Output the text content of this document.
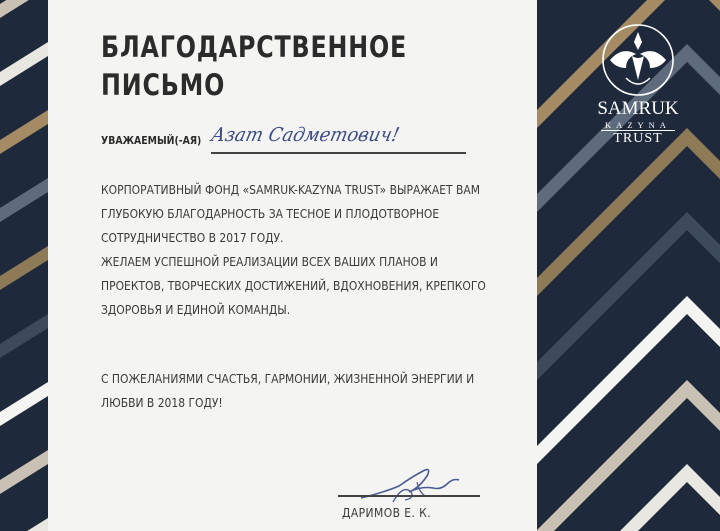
SAMRUK
KAZYNA
TRUST
БЛАГОДАРСТВЕННОЕ
ПИСЬМО
УВАЖАЕМЫЙ(-АЯ) Азат Садметович!
КОРПОРАТИВНЫЙ ФОНД «SAMRUK-KAZYNA TRUST» ВЫРАЖАЕТ ВАМ
ГЛУБОКУЮ БЛАГОДАРНОСТЬ ЗА ТЕСНОЕ И ПЛОДОТВОРНОЕ
СОТРУДНИЧЕСТВО В 2017 ГОДУ.
ЖЕЛАЕМ УСПЕШНОЙ РЕАЛИЗАЦИИ ВСЕХ ВАШИХ ПЛАНОВ И
ПРОЕКТОВ, ТВОРЧЕСКИХ ДОСТИЖЕНИЙ, ВДОХНОВЕНИЯ, КРЕПКОГО
ЗДОРОВЬЯ И ЕДИНОЙ КОМАНДЫ.
С ПОЖЕЛАНИЯМИ СЧАСТЬЯ, ГАРМОНИИ, ЖИЗНЕННОЙ ЭНЕРГИИ И
ЛЮБВИ В 2018 ГОДУ!
ДАРИМОВ Е. К.
